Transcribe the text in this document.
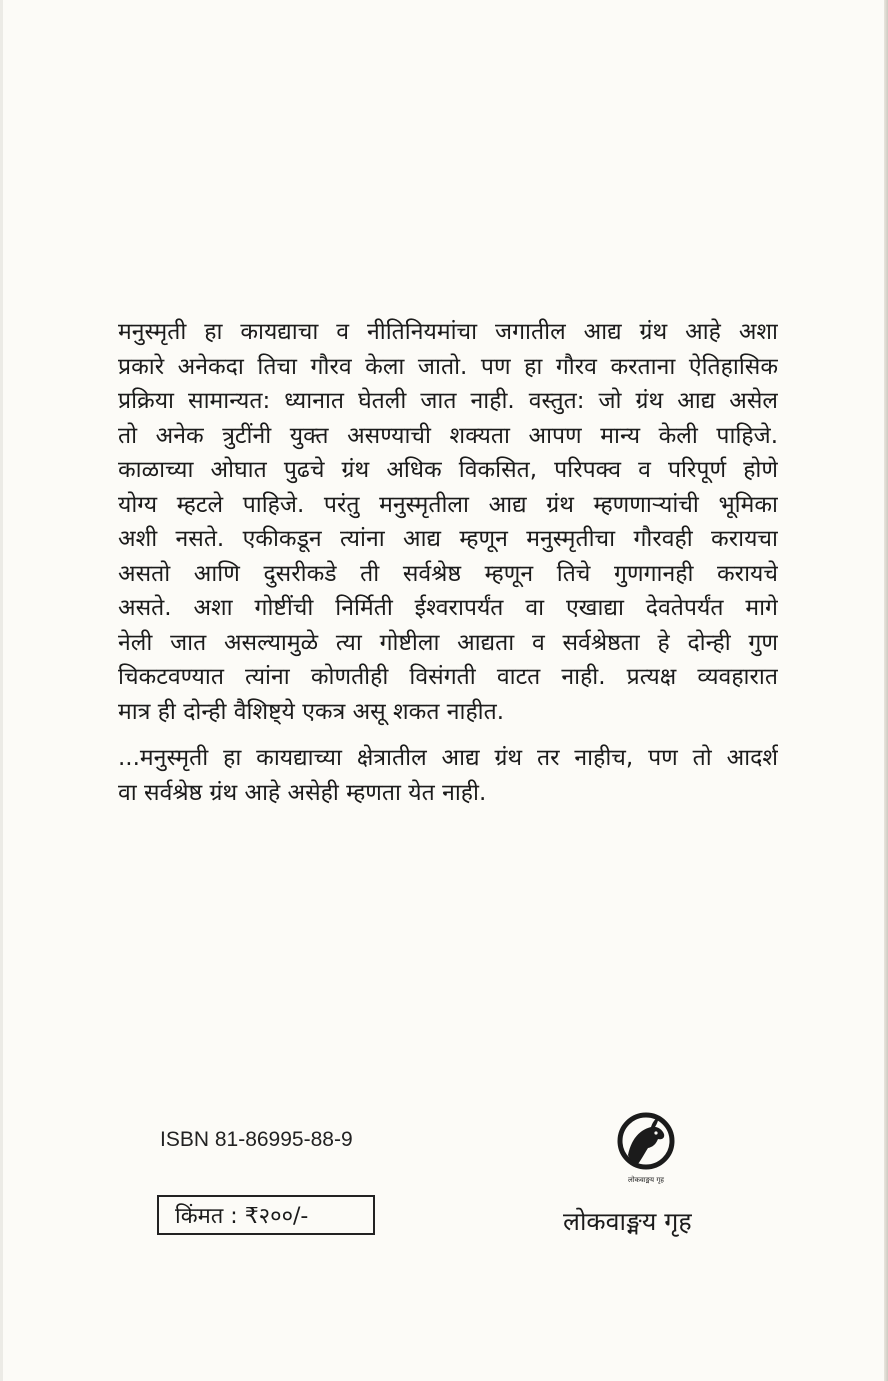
मनुस्मृती हा कायद्याचा व नीतिनियमांचा जगातील आद्य ग्रंथ आहे अशा
प्रकारे अनेकदा तिचा गौरव केला जातो. पण हा गौरव करताना ऐतिहासिक
प्रक्रिया सामान्यत: ध्यानात घेतली जात नाही. वस्तुत: जो ग्रंथ आद्य असेल
तो अनेक त्रुटींनी युक्त असण्याची शक्यता आपण मान्य केली पाहिजे.
काळाच्या ओघात पुढचे ग्रंथ अधिक विकसित, परिपक्व व परिपूर्ण होणे
योग्य म्हटले पाहिजे. परंतु मनुस्मृतीला आद्य ग्रंथ म्हणणाऱ्यांची भूमिका
अशी नसते. एकीकडून त्यांना आद्य म्हणून मनुस्मृतीचा गौरवही करायचा
असतो आणि दुसरीकडे ती सर्वश्रेष्ठ म्हणून तिचे गुणगानही करायचे
असते. अशा गोष्टींची निर्मिती ईश्वरापर्यंत वा एखाद्या देवतेपर्यंत मागे
नेली जात असल्यामुळे त्या गोष्टीला आद्यता व सर्वश्रेष्ठता हे दोन्ही गुण
चिकटवण्यात त्यांना कोणतीही विसंगती वाटत नाही. प्रत्यक्ष व्यवहारात
मात्र ही दोन्ही वैशिष्ट्ये एकत्र असू शकत नाहीत.
...मनुस्मृती हा कायद्याच्या क्षेत्रातील आद्य ग्रंथ तर नाहीच, पण तो आदर्श
वा सर्वश्रेष्ठ ग्रंथ आहे असेही म्हणता येत नाही.
ISBN 81-86995-88-9
किंमत : ₹२००/-
लोकवाङ्मय गृह
लोकवाङ्मय गृह
